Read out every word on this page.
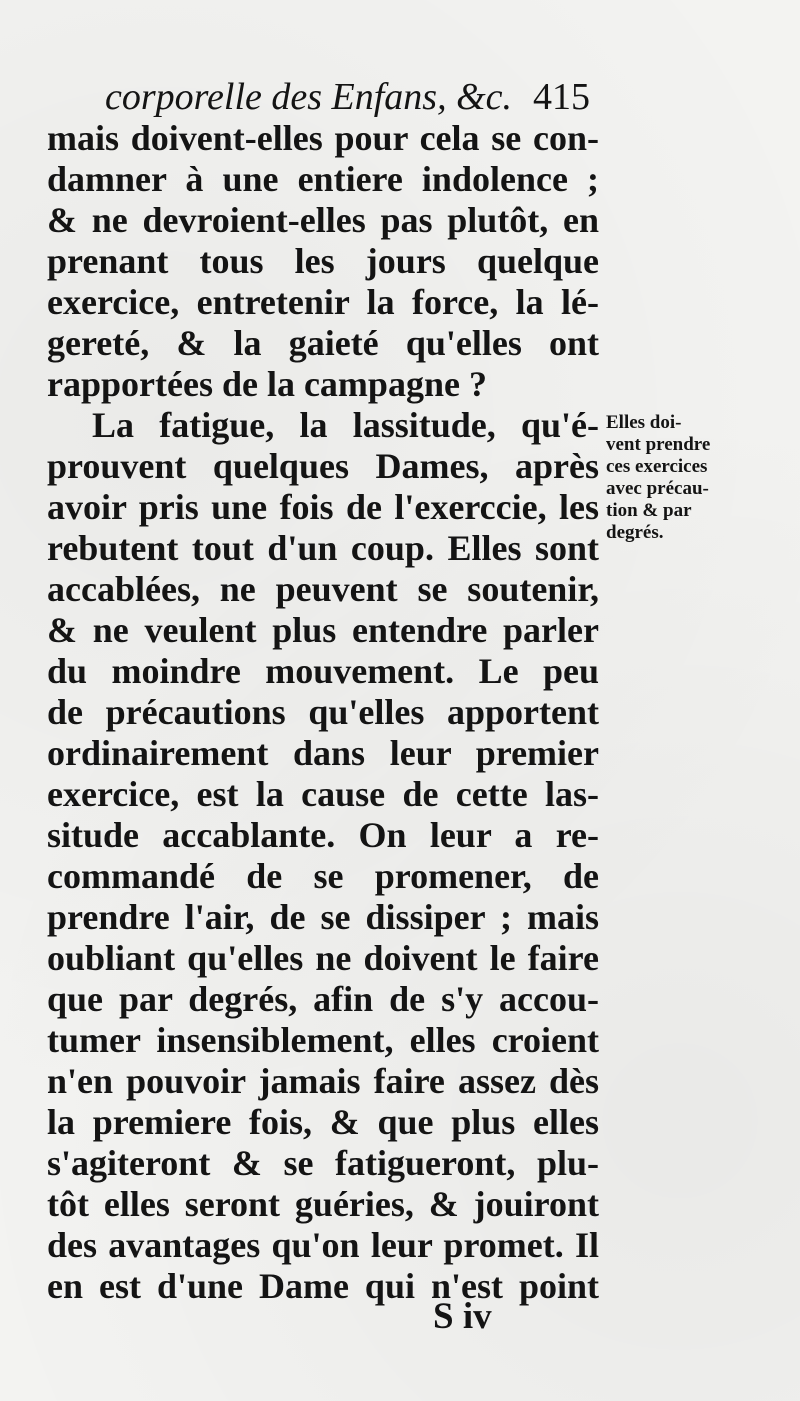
corporelle des Enfans, &c. 415
mais doivent-elles pour cela se con-
damner à une entiere indolence ;
& ne devroient-elles pas plutôt, en
prenant tous les jours quelque
exercice, entretenir la force, la lé-
gereté, & la gaieté qu'elles ont
rapportées de la campagne ?
La fatigue, la lassitude, qu'é-
prouvent quelques Dames, après
avoir pris une fois de l'exerccie, les
rebutent tout d'un coup. Elles sont
accablées, ne peuvent se soutenir,
& ne veulent plus entendre parler
du moindre mouvement. Le peu
de précautions qu'elles apportent
ordinairement dans leur premier
exercice, est la cause de cette las-
situde accablante. On leur a re-
commandé de se promener, de
prendre l'air, de se dissiper ; mais
oubliant qu'elles ne doivent le faire
que par degrés, afin de s'y accou-
tumer insensiblement, elles croient
n'en pouvoir jamais faire assez dès
la premiere fois, & que plus elles
s'agiteront & se fatigueront, plu-
tôt elles seront guéries, & jouiront
des avantages qu'on leur promet. Il
en est d'une Dame qui n'est point
Elles doi-
vent prendre
ces exercices
avec précau-
tion & par
degrés.
S iv
